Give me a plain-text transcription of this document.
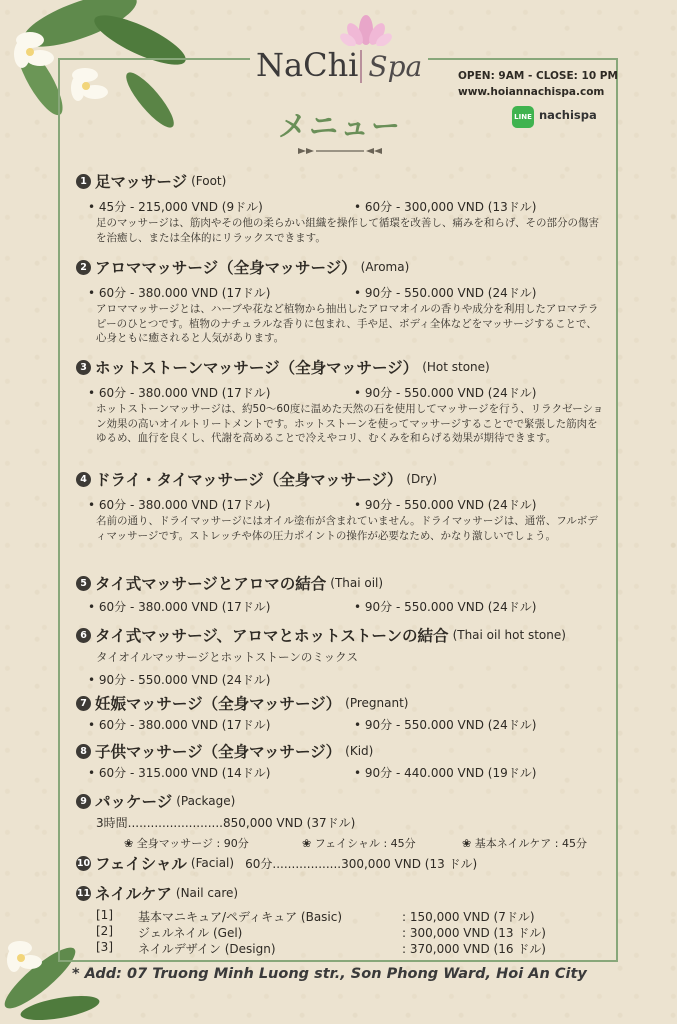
NaChi Spa	OPEN: 9AM - CLOSE: 10 PM
www.hoiannachispa.com
LINE nachispa
メニュー
1 足マッサージ (Foot)
• 45分 - 215,000 VND (9ドル)	• 60分 - 300,000 VND (13ドル)
足のマッサージは、筋肉やその他の柔らかい組織を操作して循環を改善し、痛みを和らげ、その部分の傷害を治癒し、または全体的にリラックスできます。
2 アロママッサージ（全身マッサージ） (Aroma)
• 60分 - 380.000 VND (17ドル)	• 90分 - 550.000 VND (24ドル)
アロママッサージとは、ハーブや花など植物から抽出したアロマオイルの香りや成分を利用したアロマテラピーのひとつです。植物のナチュラルな香りに包まれ、手や足、ボディ全体などをマッサージすることで、心身ともに癒されると人気があります。
3 ホットストーンマッサージ（全身マッサージ） (Hot stone)
• 60分 - 380.000 VND (17ドル)	• 90分 - 550.000 VND (24ドル)
ホットストーンマッサージは、約50～60度に温めた天然の石を使用してマッサージを行う、リラクゼーション効果の高いオイルトリートメントです。ホットストーンを使ってマッサージすることでで緊張した筋肉をゆるめ、血行を良くし、代謝を高めることで冷えやコリ、むくみを和らげる効果が期待できます。
4 ドライ・タイマッサージ（全身マッサージ） (Dry)
• 60分 - 380.000 VND (17ドル)	• 90分 - 550.000 VND (24ドル)
名前の通り、ドライマッサージにはオイル塗布が含まれていません。ドライマッサージは、通常、フルボディマッサージです。ストレッチや体の圧力ポイントの操作が必要なため、かなり激しいでしょう。
5 タイ式マッサージとアロマの結合 (Thai oil)
• 60分 - 380.000 VND (17ドル)	• 90分 - 550.000 VND (24ドル)
6 タイ式マッサージ、アロマとホットストーンの結合 (Thai oil hot stone)
タイオイルマッサージとホットストーンのミックス
• 90分 - 550.000 VND (24ドル)
7 妊娠マッサージ（全身マッサージ） (Pregnant)
• 60分 - 380.000 VND (17ドル)	• 90分 - 550.000 VND (24ドル)
8 子供マッサージ（全身マッサージ） (Kid)
• 60分 - 315.000 VND (14ドル)	• 90分 - 440.000 VND (19ドル)
9 パッケージ (Package)
3時間.........................850,000 VND (37ドル)
❀ 全身マッサージ : 90分	❀ フェイシャル : 45分	❀ 基本ネイルケア : 45分
10 フェイシャル (Facial) 60分..................300,000 VND (13 ドル)
11 ネイルケア (Nail care)
[1] 基本マニキュア/ペディキュア (Basic)	: 150,000 VND (7ドル)
[2] ジェルネイル (Gel)	: 300,000 VND (13 ドル)
[3] ネイルデザイン (Design)	: 370,000 VND (16 ドル)
* Add: 07 Truong Minh Luong str., Son Phong Ward, Hoi An City
